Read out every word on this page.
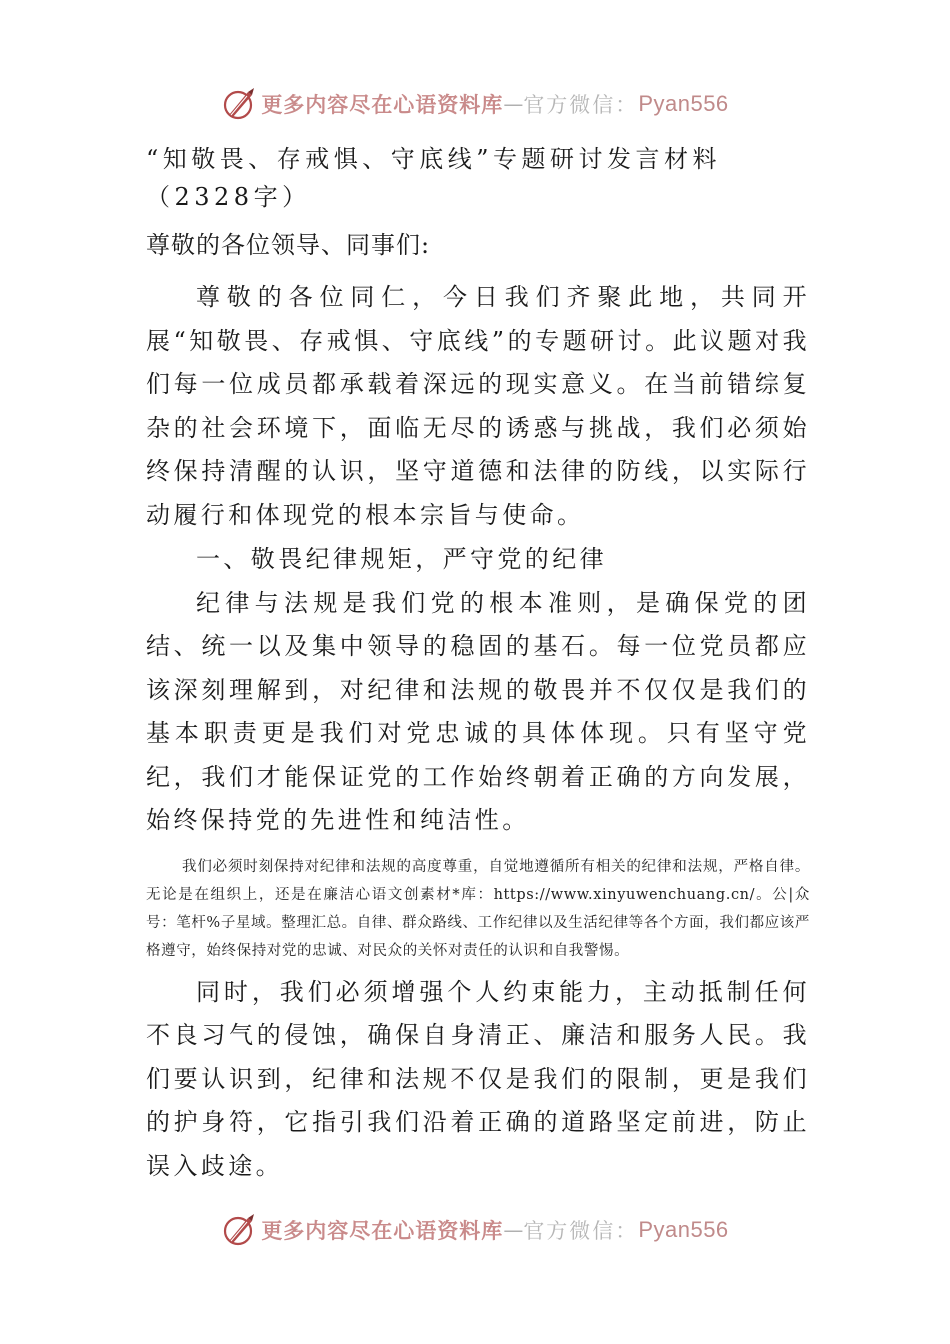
更多内容尽在心语资料库 — 官方微信： Pyan556
“知敬畏、存戒惧、守底线”专题研讨发言材料（2328字）

尊敬的各位领导、同事们:

尊敬的各位同仁，今日我们齐聚此地，共同开展“知敬畏、存戒惧、守底线”的专题研讨。此议题对我们每一位成员都承载着深远的现实意义。在当前错综复杂的社会环境下，面临无尽的诱惑与挑战，我们必须始终保持清醒的认识，坚守道德和法律的防线，以实际行动履行和体现党的根本宗旨与使命。

一、敬畏纪律规矩，严守党的纪律

纪律与法规是我们党的根本准则，是确保党的团结、统一以及集中领导的稳固的基石。每一位党员都应该深刻理解到，对纪律和法规的敬畏并不仅仅是我们的基本职责更是我们对党忠诚的具体体现。只有坚守党纪，我们才能保证党的工作始终朝着正确的方向发展，始终保持党的先进性和纯洁性。

我们必须时刻保持对纪律和法规的高度尊重，自觉地遵循所有相关的纪律和法规，严格自律。无论是在组织上，还是在廉洁心语文创素材*库：https://www.xinyuwenchuang.cn/。公|众号：笔杆%子星域。整理汇总。自律、群众路线、工作纪律以及生活纪律等各个方面，我们都应该严格遵守，始终保持对党的忠诚、对民众的关怀对责任的认识和自我警惕。

同时，我们必须增强个人约束能力，主动抵制任何不良习气的侵蚀，确保自身清正、廉洁和服务人民。我们要认识到，纪律和法规不仅是我们的限制，更是我们的护身符，它指引我们沿着正确的道路坚定前进，防止误入歧途。

更多内容尽在心语资料库 — 官方微信： Pyan556
